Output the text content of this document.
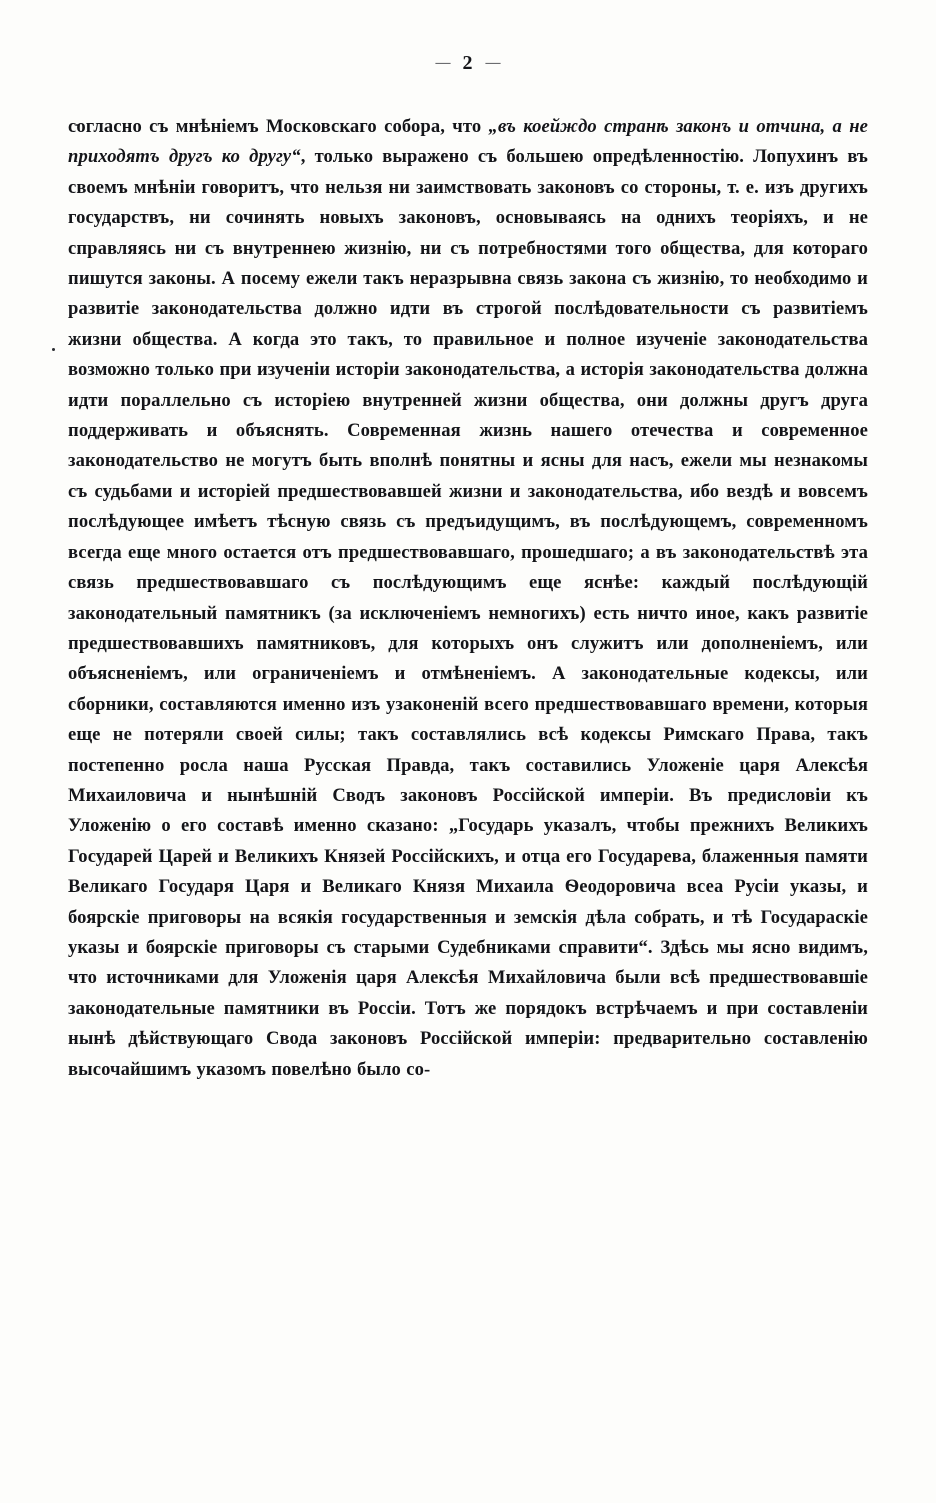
— 2 —

согласно съ мнѣніемъ Московскаго собора, что „въ коейждо странѣ законъ и отчина, а не приходятъ другъ ко другу“, только выражено съ большею опредѣленностію. Лопухинъ въ своемъ мнѣніи говоритъ, что нельзя ни заимствовать законовъ со стороны, т. е. изъ другихъ государствъ, ни сочинять новыхъ законовъ, основываясь на однихъ теоріяхъ, и не справляясь ни съ внутреннею жизнію, ни съ потребностями того общества, для котораго пишутся законы. А посему ежели такъ неразрывна связь закона съ жизнію, то необходимо и развитіе законодательства должно идти въ строгой послѣдовательности съ развитіемъ жизни общества. А когда это такъ, то правильное и полное изученіе законодательства возможно только при изученіи исторіи законодательства, а исторія законодательства должна идти пораллельно съ исторіею внутренней жизни общества, они должны другъ друга поддерживать и объяснять. Современная жизнь нашего отечества и современное законодательство не могутъ быть вполнѣ понятны и ясны для насъ, ежели мы незнакомы съ судьбами и исторіей предшествовавшей жизни и законодательства, ибо вездѣ и вовсемъ послѣдующее имѣетъ тѣсную связь съ предъидущимъ, въ послѣдующемъ, современномъ всегда еще много остается отъ предшествовавшаго, прошедшаго; а въ законодательствѣ эта связь предшествовавшаго съ послѣдующимъ еще яснѣе: каждый послѣдующій законодательный памятникъ (за исключеніемъ немногихъ) есть ничто иное, какъ развитіе предшествовавшихъ памятниковъ, для которыхъ онъ служитъ или дополненіемъ, или объясненіемъ, или ограниченіемъ и отмѣненіемъ. А законодательные кодексы, или сборники, составляются именно изъ узаконеній всего предшествовавшаго времени, которыя еще не потеряли своей силы; такъ составлялись всѣ кодексы Римскаго Права, такъ постепенно росла наша Русская Правда, такъ составились Уложеніе царя Алексѣя Михаиловича и нынѣшній Сводъ законовъ Россійской имперіи. Въ предисловіи къ Уложенію о его составѣ именно сказано: „Государь указалъ, чтобы прежнихъ Великихъ Государей Царей и Великихъ Князей Россійскихъ, и отца его Государева, блаженныя памяти Великаго Государя Царя и Великаго Князя Михаила Ѳеодоровича всеа Русіи указы, и боярскіе приговоры на всякія государственныя и земскія дѣла собрать, и тѣ Государаскіе указы и боярскіе приговоры съ старыми Судебниками справити“. Здѣсь мы ясно видимъ, что источниками для Уложенія царя Алексѣя Михайловича были всѣ предшествовавшіе законодательные памятники въ Россіи. Тотъ же порядокъ встрѣчаемъ и при составленіи нынѣ дѣйствующаго Свода законовъ Россійской имперіи: предварительно составленію высочайшимъ указомъ повелѣно было со-
